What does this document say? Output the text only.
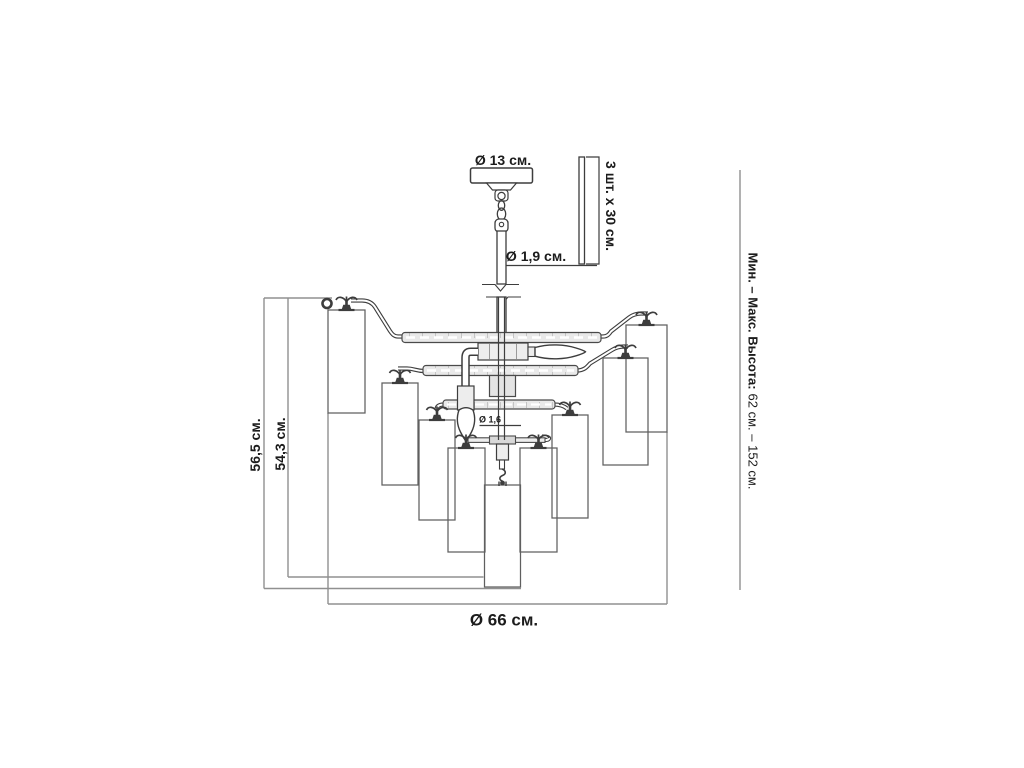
Ø 13 см.
Ø 1,9 см.
3 шт. х 30 см.
56,5 см. 54,3 см.	Ø 1,6
Ø 66 см.
Мин. – Макс. Высота:62 см. – 152 см.
